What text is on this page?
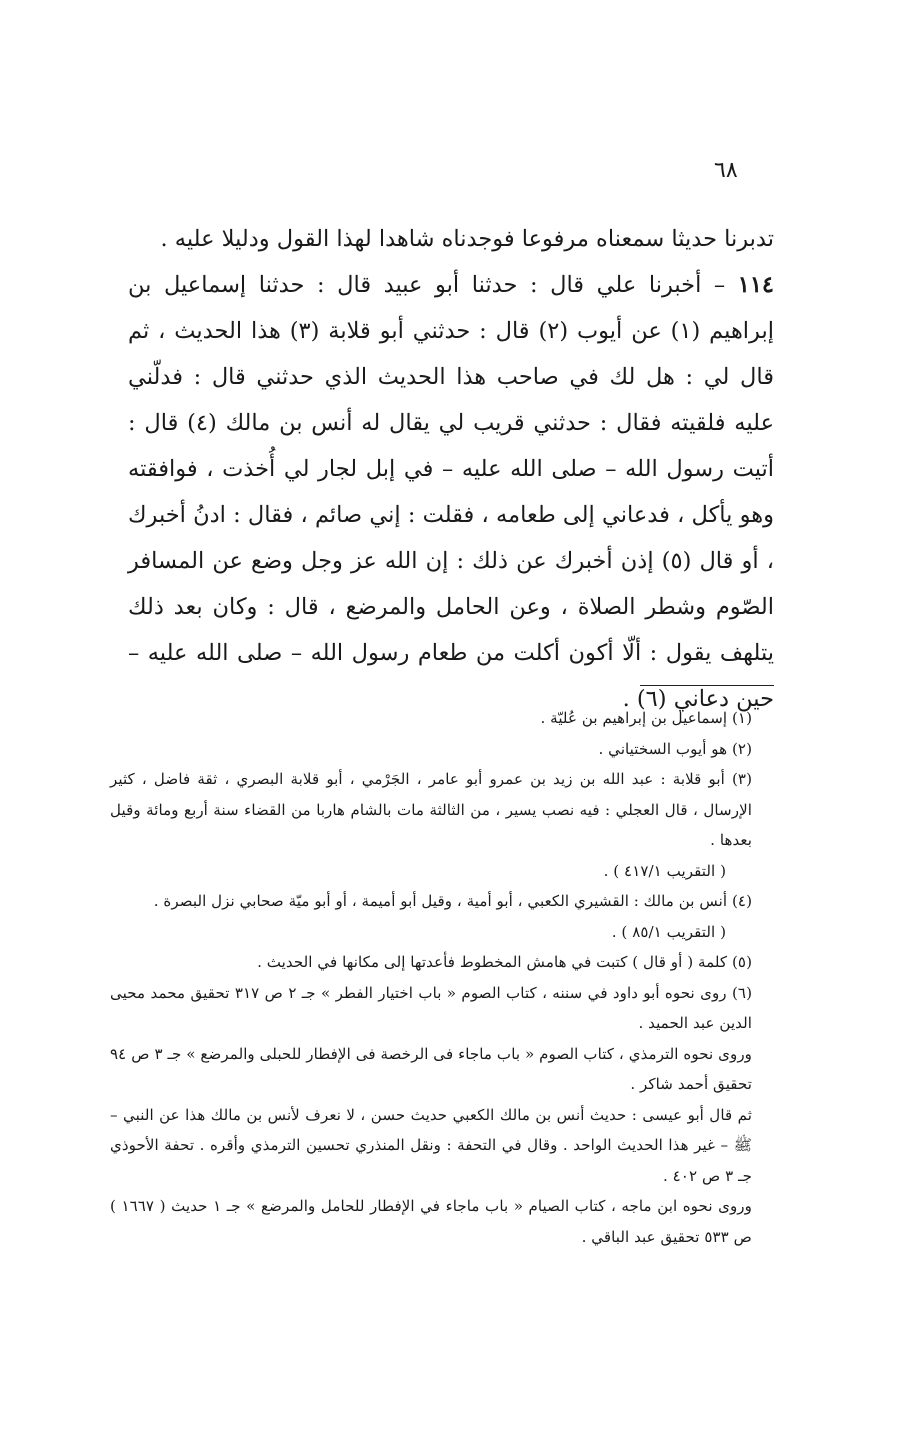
٦٨

تدبرنا حديثا سمعناه مرفوعا فوجدناه شاهدا لهذا القول ودليلا عليه .

١١٤ – أخبرنا علي قال : حدثنا أبو عبيد قال : حدثنا إسماعيل بن إبراهيم (١) عن أيوب (٢) قال : حدثني أبو قلابة (٣) هذا الحديث ، ثم قال لي : هل لك في صاحب هذا الحديث الذي حدثني قال : فدلّني عليه فلقيته فقال : حدثني قريب لي يقال له أنس بن مالك (٤) قال : أتيت رسول الله – صلى الله عليه – في إبل لجار لي أُخذت ، فوافقته وهو يأكل ، فدعاني إلى طعامه ، فقلت : إني صائم ، فقال : ادنُ أخبرك ، أو قال (٥) إذن أخبرك عن ذلك : إن الله عز وجل وضع عن المسافر الصّوم وشطر الصلاة ، وعن الحامل والمرضع ، قال : وكان بعد ذلك يتلهف يقول : ألّا أكون أكلت من طعام رسول الله – صلى الله عليه – حين دعاني (٦) .

(١) إسماعيل بن إبراهيم بن عُليّة .

(٢) هو أيوب السختياني .

(٣) أبو قلابة : عبد الله بن زيد بن عمرو أبو عامر ، الجَرْمي ، أبو قلابة البصري ، ثقة فاضل ، كثير الإرسال ، قال العجلي : فيه نصب يسير ، من الثالثة مات بالشام هاربا من القضاء سنة أربع ومائة وقيل بعدها .

( التقريب ٤١٧/١ ) .

(٤) أنس بن مالك : القشيري الكعبي ، أبو أمية ، وقيل أبو أميمة ، أو أبو ميّة صحابي نزل البصرة .

( التقريب ٨٥/١ ) .

(٥) كلمة ( أو قال ) كتبت في هامش المخطوط فأعدتها إلى مكانها في الحديث .

(٦) روى نحوه أبو داود في سننه ، كتاب الصوم « باب اختيار الفطر » جـ ٢ ص ٣١٧ تحقيق محمد محيى الدين عبد الحميد .

وروى نحوه الترمذي ، كتاب الصوم « باب ماجاء فى الرخصة فى الإفطار للحبلى والمرضع » جـ ٣ ص ٩٤ تحقيق أحمد شاكر .

ثم قال أبو عيسى : حديث أنس بن مالك الكعبي حديث حسن ، لا نعرف لأنس بن مالك هذا عن النبي – ﷺ – غير هذا الحديث الواحد . وقال في التحفة : ونقل المنذري تحسين الترمذي وأقره . تحفة الأحوذي جـ ٣ ص ٤٠٢ .

وروى نحوه ابن ماجه ، كتاب الصيام « باب ماجاء في الإفطار للحامل والمرضع » جـ ١ حديث ( ١٦٦٧ ) ص ٥٣٣ تحقيق عبد الباقي .
